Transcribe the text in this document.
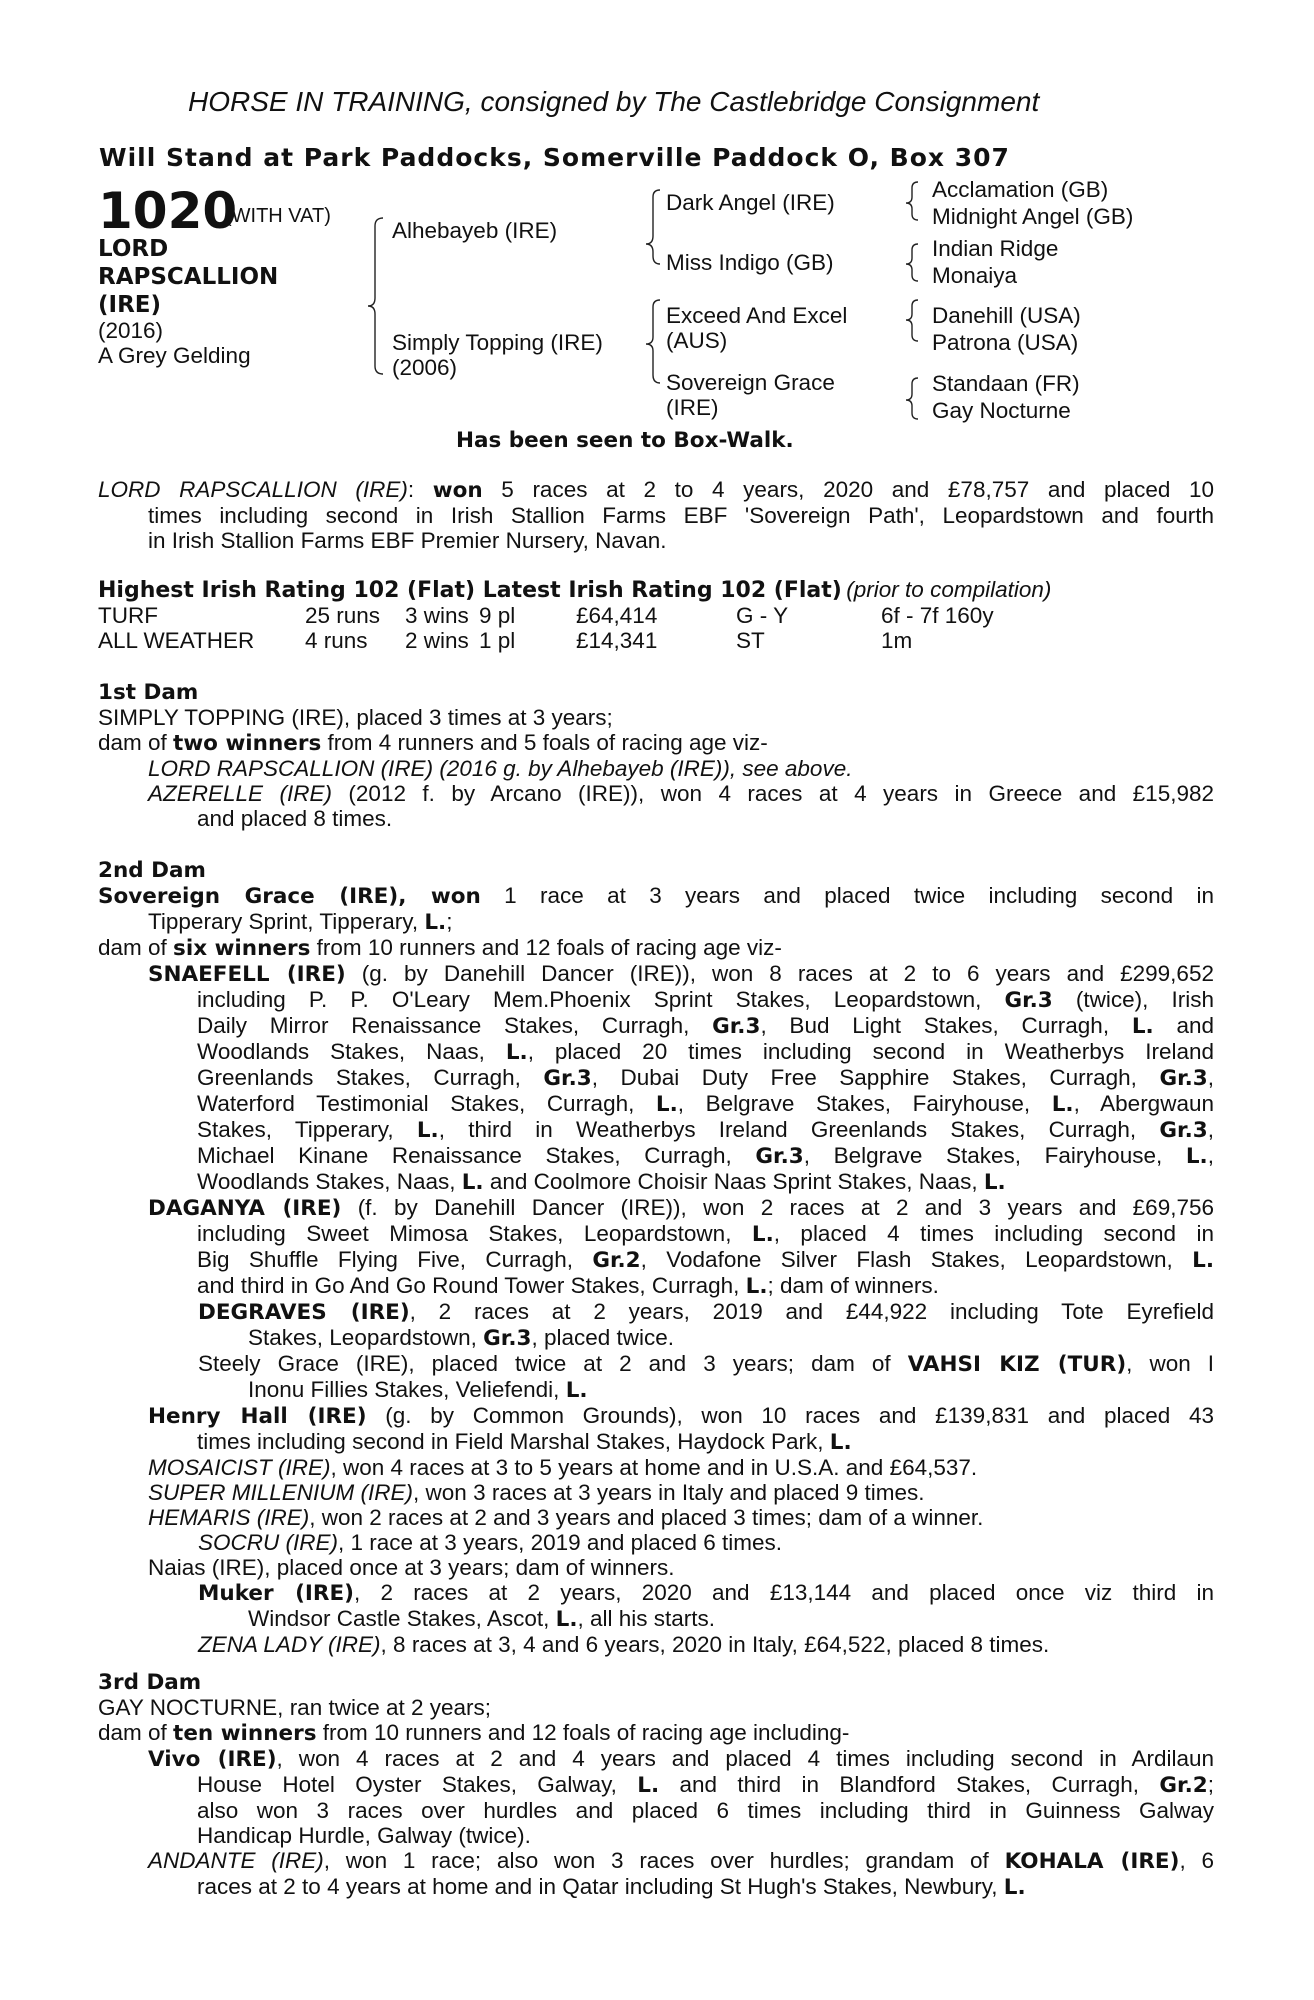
HORSE IN TRAINING, consigned by The Castlebridge Consignment
Will Stand at Park Paddocks, Somerville Paddock O, Box 307
1020
(WITH VAT)
LORD
RAPSCALLION
(IRE)
(2016)
A Grey Gelding
Alhebayeb (IRE)
Simply Topping (IRE)
(2006)
Dark Angel (IRE)
Miss Indigo (GB)
Exceed And Excel
(AUS)
Sovereign Grace
(IRE)
Acclamation (GB)
Midnight Angel (GB)
Indian Ridge
Monaiya
Danehill (USA)
Patrona (USA)
Standaan (FR)
Gay Nocturne
Has been seen to Box-Walk.
LORD RAPSCALLION (IRE): won 5 races at 2 to 4 years, 2020 and £78,757 and placed 10
times including second in Irish Stallion Farms EBF 'Sovereign Path', Leopardstown and fourth
in Irish Stallion Farms EBF Premier Nursery, Navan.
Highest Irish Rating 102 (Flat) Latest Irish Rating 102 (Flat) (prior to compilation)
TURF	25 runs 3 wins 9 pl	£64,414	G - Y	6f - 7f 160y
ALL WEATHER 4 runs 2 wins 1 pl	£14,341	ST	1m
1st Dam
SIMPLY TOPPING (IRE), placed 3 times at 3 years;
dam of two winners from 4 runners and 5 foals of racing age viz-
LORD RAPSCALLION (IRE) (2016 g. by Alhebayeb (IRE)), see above.
AZERELLE (IRE) (2012 f. by Arcano (IRE)), won 4 races at 4 years in Greece and £15,982
and placed 8 times.
2nd Dam
Sovereign Grace (IRE), won 1 race at 3 years and placed twice including second in
Tipperary Sprint, Tipperary, L.;
dam of six winners from 10 runners and 12 foals of racing age viz-
SNAEFELL (IRE) (g. by Danehill Dancer (IRE)), won 8 races at 2 to 6 years and £299,652
including P. P. O'Leary Mem.Phoenix Sprint Stakes, Leopardstown, Gr.3 (twice), Irish
Daily Mirror Renaissance Stakes, Curragh, Gr.3, Bud Light Stakes, Curragh, L. and
Woodlands Stakes, Naas, L., placed 20 times including second in Weatherbys Ireland
Greenlands Stakes, Curragh, Gr.3, Dubai Duty Free Sapphire Stakes, Curragh, Gr.3,
Waterford Testimonial Stakes, Curragh, L., Belgrave Stakes, Fairyhouse, L., Abergwaun
Stakes, Tipperary, L., third in Weatherbys Ireland Greenlands Stakes, Curragh, Gr.3,
Michael Kinane Renaissance Stakes, Curragh, Gr.3, Belgrave Stakes, Fairyhouse, L.,
Woodlands Stakes, Naas, L. and Coolmore Choisir Naas Sprint Stakes, Naas, L.
DAGANYA (IRE) (f. by Danehill Dancer (IRE)), won 2 races at 2 and 3 years and £69,756
including Sweet Mimosa Stakes, Leopardstown, L., placed 4 times including second in
Big Shuffle Flying Five, Curragh, Gr.2, Vodafone Silver Flash Stakes, Leopardstown, L.
and third in Go And Go Round Tower Stakes, Curragh, L.; dam of winners.
DEGRAVES (IRE), 2 races at 2 years, 2019 and £44,922 including Tote Eyrefield
Stakes, Leopardstown, Gr.3, placed twice.
Steely Grace (IRE), placed twice at 2 and 3 years; dam of VAHSI KIZ (TUR), won I
Inonu Fillies Stakes, Veliefendi, L.
Henry Hall (IRE) (g. by Common Grounds), won 10 races and £139,831 and placed 43
times including second in Field Marshal Stakes, Haydock Park, L.
MOSAICIST (IRE), won 4 races at 3 to 5 years at home and in U.S.A. and £64,537.
SUPER MILLENIUM (IRE), won 3 races at 3 years in Italy and placed 9 times.
HEMARIS (IRE), won 2 races at 2 and 3 years and placed 3 times; dam of a winner.
SOCRU (IRE), 1 race at 3 years, 2019 and placed 6 times.
Naias (IRE), placed once at 3 years; dam of winners.
Muker (IRE), 2 races at 2 years, 2020 and £13,144 and placed once viz third in
Windsor Castle Stakes, Ascot, L., all his starts.
ZENA LADY (IRE), 8 races at 3, 4 and 6 years, 2020 in Italy, £64,522, placed 8 times.
3rd Dam
GAY NOCTURNE, ran twice at 2 years;
dam of ten winners from 10 runners and 12 foals of racing age including-
Vivo (IRE), won 4 races at 2 and 4 years and placed 4 times including second in Ardilaun
House Hotel Oyster Stakes, Galway, L. and third in Blandford Stakes, Curragh, Gr.2;
also won 3 races over hurdles and placed 6 times including third in Guinness Galway
Handicap Hurdle, Galway (twice).
ANDANTE (IRE), won 1 race; also won 3 races over hurdles; grandam of KOHALA (IRE), 6
races at 2 to 4 years at home and in Qatar including St Hugh's Stakes, Newbury, L.
